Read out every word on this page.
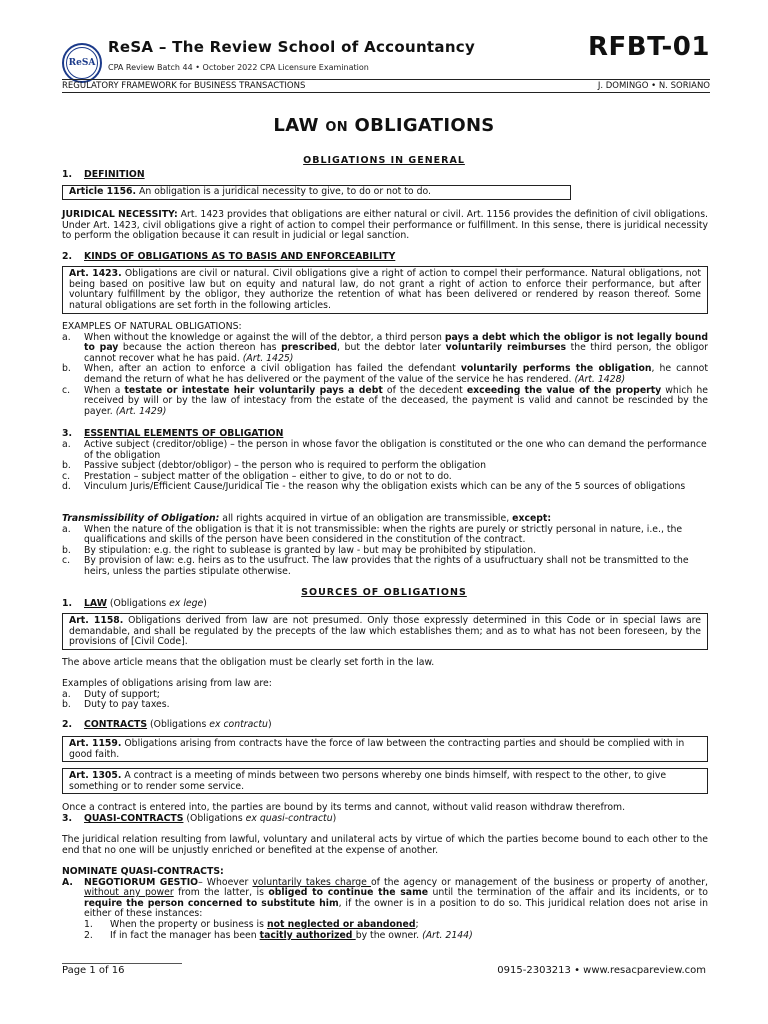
ReSA
ReSA – The Review School of Accountancy
CPA Review Batch 44 • October 2022 CPA Licensure Examination
RFBT-01
REGULATORY FRAMEWORK for BUSINESS TRANSACTIONS	J. DOMINGO • N. SORIANO
LAW ON OBLIGATIONS
OBLIGATIONS IN GENERAL
1. DEFINITION
Article 1156. An obligation is a juridical necessity to give, to do or not to do.
JURIDICAL NECESSITY: Art. 1423 provides that obligations are either natural or civil. Art. 1156 provides the definition of civil obligations. Under Art. 1423, civil obligations give a right of action to compel their performance or fulfillment. In this sense, there is juridical necessity to perform the obligation because it can result in judicial or legal sanction.
2. KINDS OF OBLIGATIONS AS TO BASIS AND ENFORCEABILITY
Art. 1423. Obligations are civil or natural. Civil obligations give a right of action to compel their performance. Natural obligations, not being based on positive law but on equity and natural law, do not grant a right of action to enforce their performance, but after voluntary fulfillment by the obligor, they authorize the retention of what has been delivered or rendered by reason thereof. Some natural obligations are set forth in the following articles.
EXAMPLES OF NATURAL OBLIGATIONS:
a. When without the knowledge or against the will of the debtor, a third person pays a debt which the obligor is not legally bound to pay because the action thereon has prescribed, but the debtor later voluntarily reimburses the third person, the obligor cannot recover what he has paid. (Art. 1425)
b. When, after an action to enforce a civil obligation has failed the defendant voluntarily performs the obligation, he cannot demand the return of what he has delivered or the payment of the value of the service he has rendered. (Art. 1428)
c. When a testate or intestate heir voluntarily pays a debt of the decedent exceeding the value of the property which he received by will or by the law of intestacy from the estate of the deceased, the payment is valid and cannot be rescinded by the payer. (Art. 1429)
3. ESSENTIAL ELEMENTS OF OBLIGATION
a. Active subject (creditor/oblige) – the person in whose favor the obligation is constituted or the one who can demand the performance of the obligation
b. Passive subject (debtor/obligor) – the person who is required to perform the obligation
c. Prestation – subject matter of the obligation – either to give, to do or not to do.
d. Vinculum Juris/Efficient Cause/Juridical Tie - the reason why the obligation exists which can be any of the 5 sources of obligations
Transmissibility of Obligation: all rights acquired in virtue of an obligation are transmissible, except:
a. When the nature of the obligation is that it is not transmissible: when the rights are purely or strictly personal in nature, i.e., the qualifications and skills of the person have been considered in the constitution of the contract.
b. By stipulation: e.g. the right to sublease is granted by law - but may be prohibited by stipulation.
c. By provision of law: e.g. heirs as to the usufruct. The law provides that the rights of a usufructuary shall not be transmitted to the heirs, unless the parties stipulate otherwise.
SOURCES OF OBLIGATIONS
1. LAW (Obligations ex lege)
Art. 1158. Obligations derived from law are not presumed. Only those expressly determined in this Code or in special laws are demandable, and shall be regulated by the precepts of the law which establishes them; and as to what has not been foreseen, by the provisions of [Civil Code].
The above article means that the obligation must be clearly set forth in the law.
Examples of obligations arising from law are:
a. Duty of support;
b. Duty to pay taxes.
2. CONTRACTS (Obligations ex contractu)
Art. 1159. Obligations arising from contracts have the force of law between the contracting parties and should be complied with in good faith.
Art. 1305. A contract is a meeting of minds between two persons whereby one binds himself, with respect to the other, to give something or to render some service.
Once a contract is entered into, the parties are bound by its terms and cannot, without valid reason withdraw therefrom.
3. QUASI-CONTRACTS (Obligations ex quasi-contractu)
The juridical relation resulting from lawful, voluntary and unilateral acts by virtue of which the parties become bound to each other to the end that no one will be unjustly enriched or benefited at the expense of another.
NOMINATE QUASI-CONTRACTS:
A. NEGOTIORUM GESTIO– Whoever voluntarily takes charge of the agency or management of the business or property of another, without any power from the latter, is obliged to continue the same until the termination of the affair and its incidents, or to require the person concerned to substitute him, if the owner is in a position to do so. This juridical relation does not arise in either of these instances:
1. When the property or business is not neglected or abandoned;
2. If in fact the manager has been tacitly authorized by the owner. (Art. 2144)
Page 1 of 16	0915-2303213 • www.resacpareview.com
